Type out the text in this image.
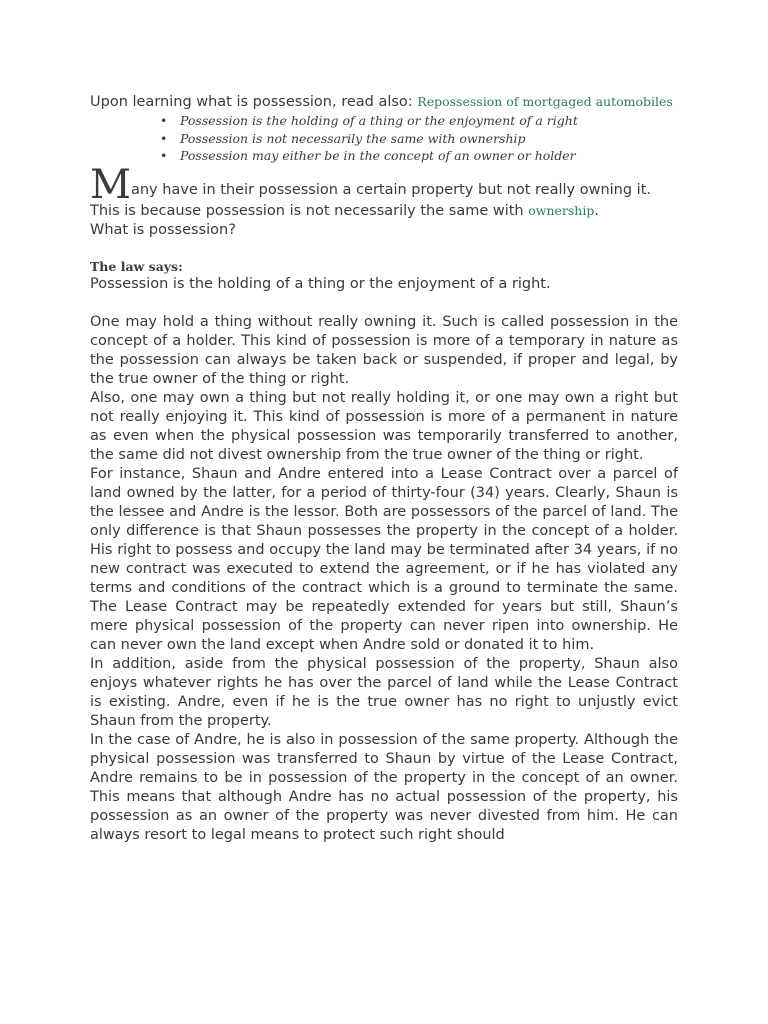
Upon learning what is possession, read also: Repossession of mortgaged automobiles

• Possession is the holding of a thing or the enjoyment of a right
• Possession is not necessarily the same with ownership
• Possession may either be in the concept of an owner or holder
Many have in their possession a certain property but not really owning it.
This is because possession is not necessarily the same with ownership.
What is possession?
The law says:
Possession is the holding of a thing or the enjoyment of a right.

One may hold a thing without really owning it. Such is called possession in the concept of a holder. This kind of possession is more of a temporary in nature as the possession can always be taken back or suspended, if proper and legal, by the true owner of the thing or right.

Also, one may own a thing but not really holding it, or one may own a right but not really enjoying it. This kind of possession is more of a permanent in nature as even when the physical possession was temporarily transferred to another, the same did not divest ownership from the true owner of the thing or right.

For instance, Shaun and Andre entered into a Lease Contract over a parcel of land owned by the latter, for a period of thirty-four (34) years. Clearly, Shaun is the lessee and Andre is the lessor. Both are possessors of the parcel of land. The only difference is that Shaun possesses the property in the concept of a holder. His right to possess and occupy the land may be terminated after 34 years, if no new contract was executed to extend the agreement, or if he has violated any terms and conditions of the contract which is a ground to terminate the same. The Lease Contract may be repeatedly extended for years but still, Shaun’s mere physical possession of the property can never ripen into ownership. He can never own the land except when Andre sold or donated it to him.

In addition, aside from the physical possession of the property, Shaun also enjoys whatever rights he has over the parcel of land while the Lease Contract is existing. Andre, even if he is the true owner has no right to unjustly evict Shaun from the property.

In the case of Andre, he is also in possession of the same property. Although the physical possession was transferred to Shaun by virtue of the Lease Contract, Andre remains to be in possession of the property in the concept of an owner. This means that although Andre has no actual possession of the property, his possession as an owner of the property was never divested from him. He can always resort to legal means to protect such right should
